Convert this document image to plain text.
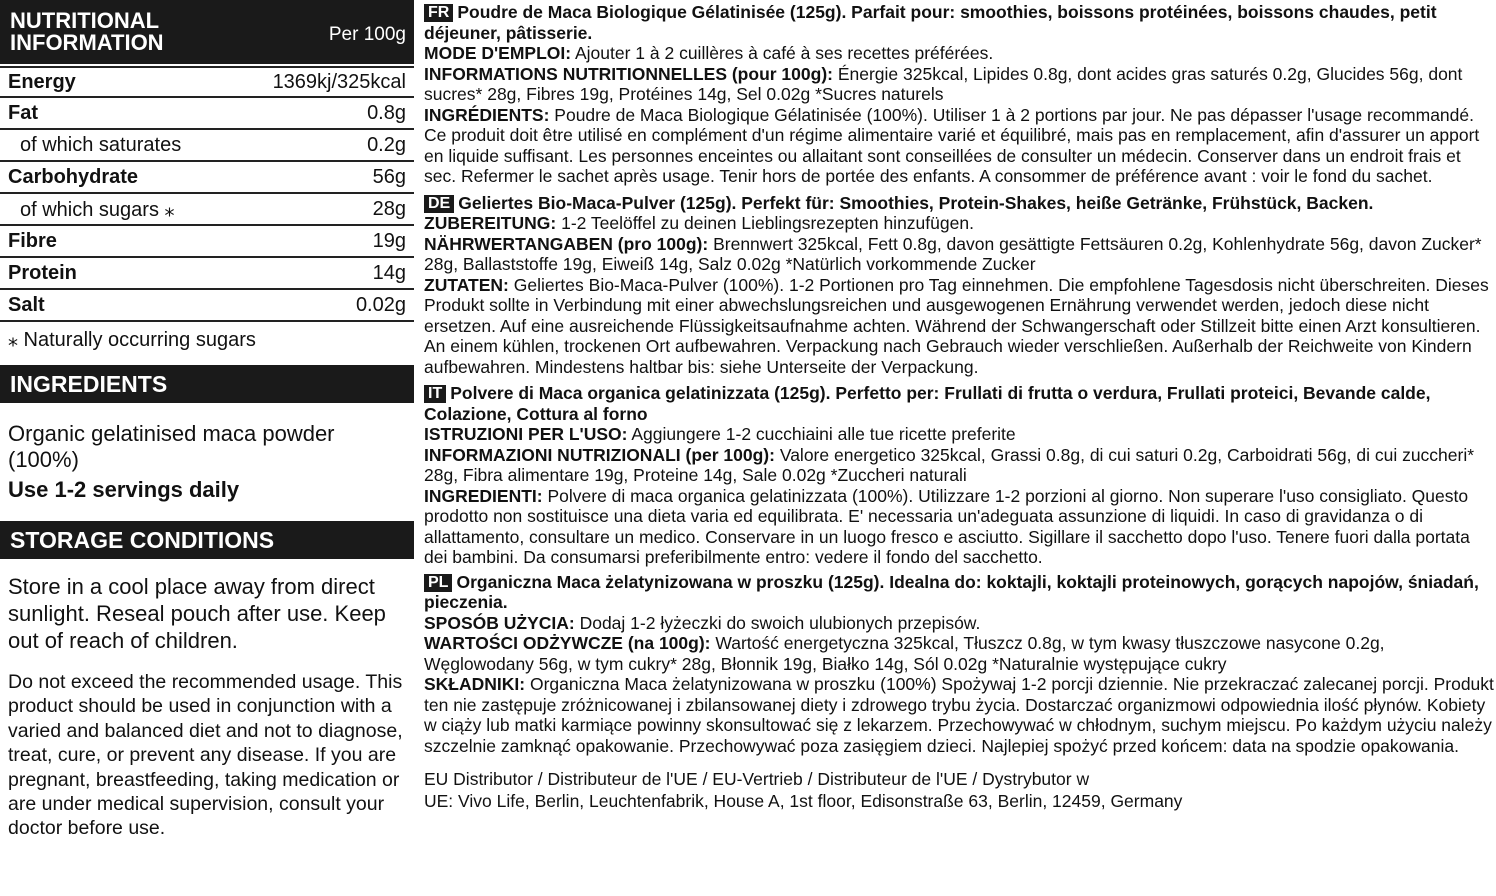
NUTRITIONAL
INFORMATION	Per 100g
Energy	1369kj/325kcal
Fat	0.8g
of which saturates	0.2g
Carbohydrate	56g
of which sugars ⁎	28g
Fibre	19g
Protein	14g
Salt	0.02g
⁎ Naturally occurring sugars
INGREDIENTS
Organic gelatinised maca powder (100%)
Use 1-2 servings daily
STORAGE CONDITIONS
Store in a cool place away from direct sunlight. Reseal pouch after use. Keep out of reach of children.
Do not exceed the recommended usage. This product should be used in conjunction with a varied and balanced diet and not to diagnose, treat, cure, or prevent any disease. If you are pregnant, breastfeeding, taking medication or are under medical supervision, consult your doctor before use.

FR Poudre de Maca Biologique Gélatinisée (125g). Parfait pour: smoothies, boissons protéinées, boissons chaudes, petit déjeuner, pâtisserie.

MODE D'EMPLOI: Ajouter 1 à 2 cuillères à café à ses recettes préférées.

INFORMATIONS NUTRITIONNELLES (pour 100g): Énergie 325kcal, Lipides 0.8g, dont acides gras saturés 0.2g, Glucides 56g, dont sucres* 28g, Fibres 19g, Protéines 14g, Sel 0.02g *Sucres naturels

INGRÉDIENTS: Poudre de Maca Biologique Gélatinisée (100%). Utiliser 1 à 2 portions par jour. Ne pas dépasser l'usage recommandé. Ce produit doit être utilisé en complément d'un régime alimentaire varié et équilibré, mais pas en remplacement, afin d'assurer un apport en liquide suffisant. Les personnes enceintes ou allaitant sont conseillées de consulter un médecin. Conserver dans un endroit frais et sec. Refermer le sachet après usage. Tenir hors de portée des enfants. A consommer de préférence avant : voir le fond du sachet.

DE Geliertes Bio-Maca-Pulver (125g). Perfekt für: Smoothies, Protein-Shakes, heiße Getränke, Frühstück, Backen.

ZUBEREITUNG: 1-2 Teelöffel zu deinen Lieblingsrezepten hinzufügen.

NÄHRWERTANGABEN (pro 100g): Brennwert 325kcal, Fett 0.8g, davon gesättigte Fettsäuren 0.2g, Kohlenhydrate 56g, davon Zucker* 28g, Ballaststoffe 19g, Eiweiß 14g, Salz 0.02g *Natürlich vorkommende Zucker

ZUTATEN: Geliertes Bio-Maca-Pulver (100%). 1-2 Portionen pro Tag einnehmen. Die empfohlene Tagesdosis nicht überschreiten. Dieses Produkt sollte in Verbindung mit einer abwechslungsreichen und ausgewogenen Ernährung verwendet werden, jedoch diese nicht ersetzen. Auf eine ausreichende Flüssigkeitsaufnahme achten. Während der Schwangerschaft oder Stillzeit bitte einen Arzt konsultieren. An einem kühlen, trockenen Ort aufbewahren. Verpackung nach Gebrauch wieder verschließen. Außerhalb der Reichweite von Kindern aufbewahren. Mindestens haltbar bis: siehe Unterseite der Verpackung.

IT Polvere di Maca organica gelatinizzata (125g). Perfetto per: Frullati di frutta o verdura, Frullati proteici, Bevande calde, Colazione, Cottura al forno

ISTRUZIONI PER L'USO: Aggiungere 1-2 cucchiaini alle tue ricette preferite

INFORMAZIONI NUTRIZIONALI (per 100g): Valore energetico 325kcal, Grassi 0.8g, di cui saturi 0.2g, Carboidrati 56g, di cui zuccheri* 28g, Fibra alimentare 19g, Proteine 14g, Sale 0.02g *Zuccheri naturali

INGREDIENTI: Polvere di maca organica gelatinizzata (100%). Utilizzare 1-2 porzioni al giorno. Non superare l'uso consigliato. Questo prodotto non sostituisce una dieta varia ed equilibrata. E' necessaria un'adeguata assunzione di liquidi. In caso di gravidanza o di allattamento, consultare un medico. Conservare in un luogo fresco e asciutto. Sigillare il sacchetto dopo l'uso. Tenere fuori dalla portata dei bambini. Da consumarsi preferibilmente entro: vedere il fondo del sacchetto.

PL Organiczna Maca żelatynizowana w proszku (125g). Idealna do: koktajli, koktajli proteinowych, gorących napojów, śniadań, pieczenia.

SPOSÓB UŻYCIA: Dodaj 1-2 łyżeczki do swoich ulubionych przepisów.

WARTOŚCI ODŻYWCZE (na 100g): Wartość energetyczna 325kcal, Tłuszcz 0.8g, w tym kwasy tłuszczowe nasycone 0.2g, Węglowodany 56g, w tym cukry* 28g, Błonnik 19g, Białko 14g, Sól 0.02g *Naturalnie występujące cukry

SKŁADNIKI: Organiczna Maca żelatynizowana w proszku (100%) Spożywaj 1-2 porcji dziennie. Nie przekraczać zalecanej porcji. Produkt ten nie zastępuje zróżnicowanej i zbilansowanej diety i zdrowego trybu życia. Dostarczać organizmowi odpowiednia ilość płynów. Kobiety w ciąży lub matki karmiące powinny skonsultować się z lekarzem. Przechowywać w chłodnym, suchym miejscu. Po każdym użyciu należy szczelnie zamknąć opakowanie. Przechowywać poza zasięgiem dzieci. Najlepiej spożyć przed końcem: data na spodzie opakowania.

EU Distributor / Distributeur de l'UE / EU-Vertrieb / Distributeur de l'UE / Dystrybutor w
UE: Vivo Life, Berlin, Leuchtenfabrik, House A, 1st floor, Edisonstraße 63, Berlin, 12459, Germany
